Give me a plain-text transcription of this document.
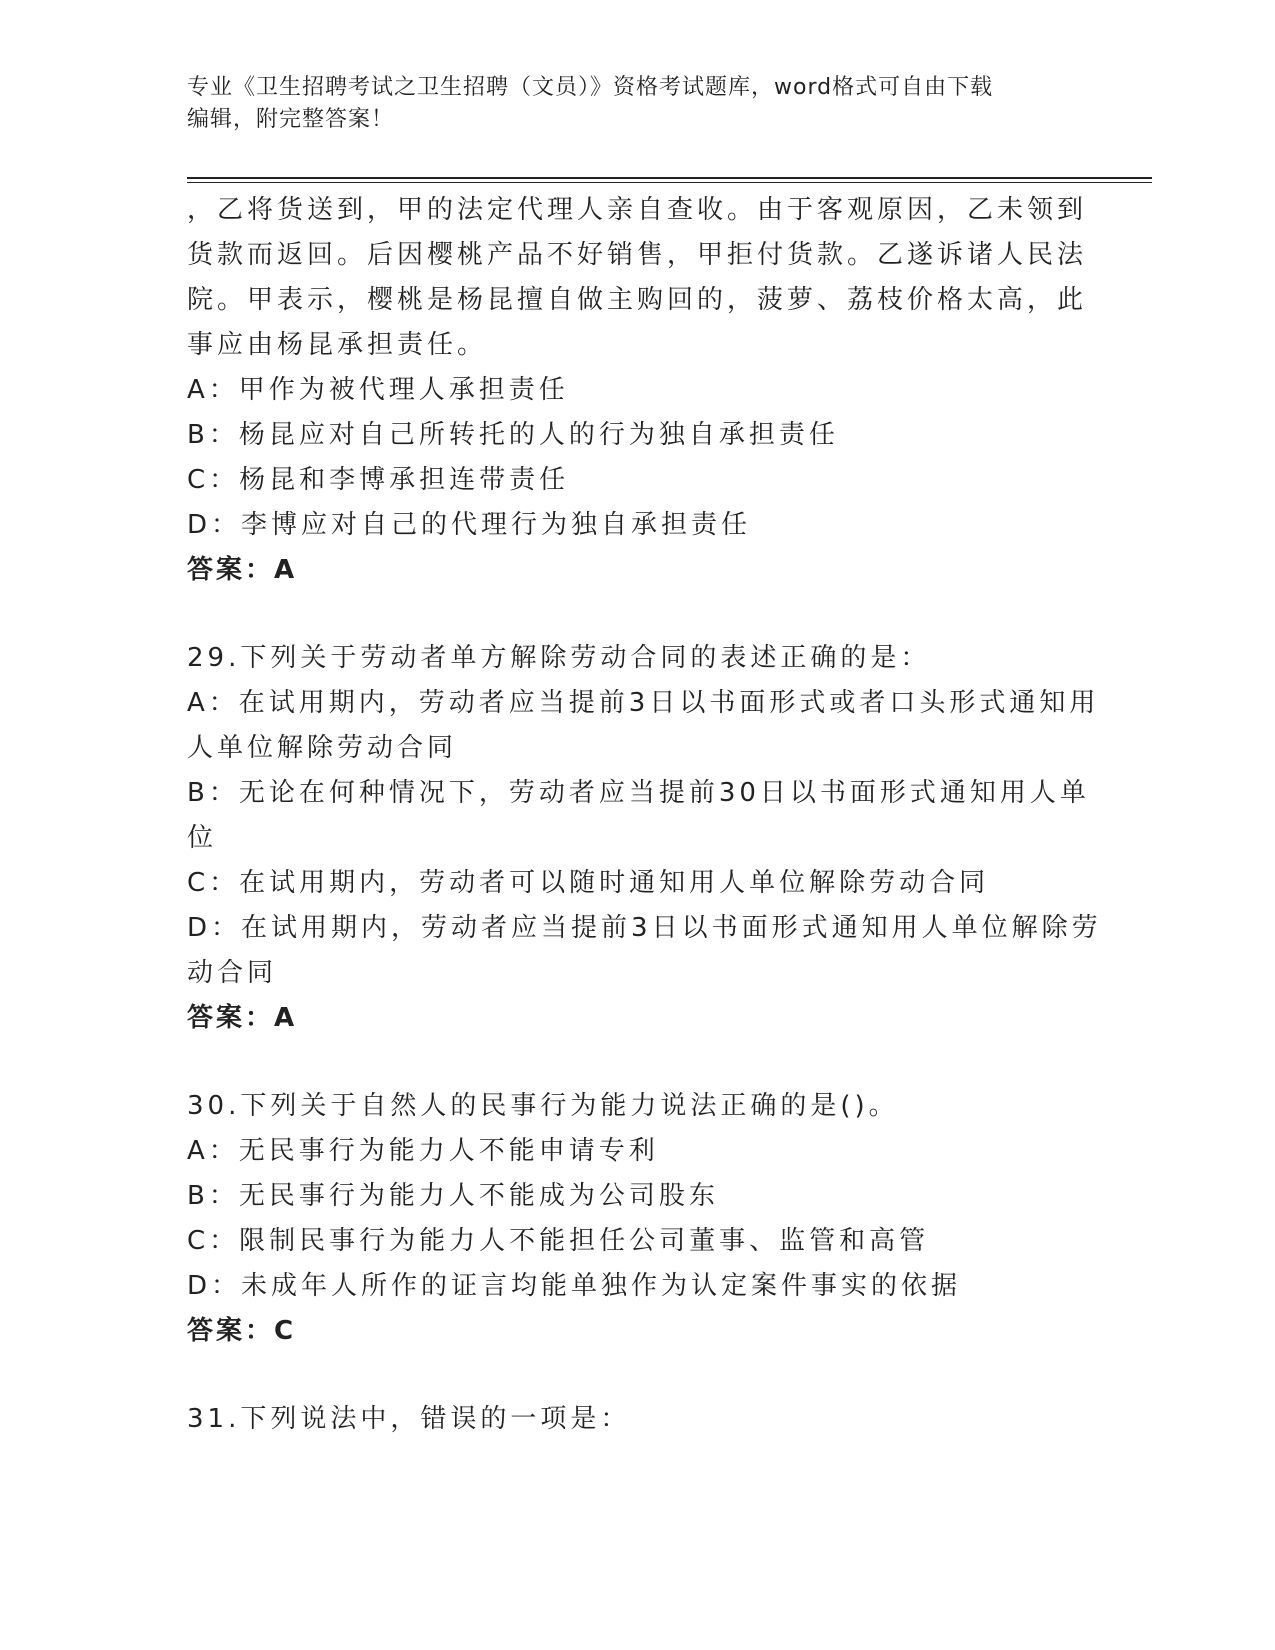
专业《卫生招聘考试之卫生招聘（文员）》资格考试题库，word格式可自由下载
编辑，附完整答案！
，乙将货送到，甲的法定代理人亲自查收。由于客观原因，乙未领到
货款而返回。后因樱桃产品不好销售，甲拒付货款。乙遂诉诸人民法
院。甲表示，樱桃是杨昆擅自做主购回的，菠萝、荔枝价格太高，此
事应由杨昆承担责任。
A：甲作为被代理人承担责任
B：杨昆应对自己所转托的人的行为独自承担责任
C：杨昆和李博承担连带责任
D：李博应对自己的代理行为独自承担责任
答案：A
29.下列关于劳动者单方解除劳动合同的表述正确的是：
A：在试用期内，劳动者应当提前3日以书面形式或者口头形式通知用
人单位解除劳动合同
B：无论在何种情况下，劳动者应当提前30日以书面形式通知用人单
位
C：在试用期内，劳动者可以随时通知用人单位解除劳动合同
D：在试用期内，劳动者应当提前3日以书面形式通知用人单位解除劳
动合同
答案：A
30.下列关于自然人的民事行为能力说法正确的是()。
A：无民事行为能力人不能申请专利
B：无民事行为能力人不能成为公司股东
C：限制民事行为能力人不能担任公司董事、监管和高管
D：未成年人所作的证言均能单独作为认定案件事实的依据
答案：C
31.下列说法中，错误的一项是：
